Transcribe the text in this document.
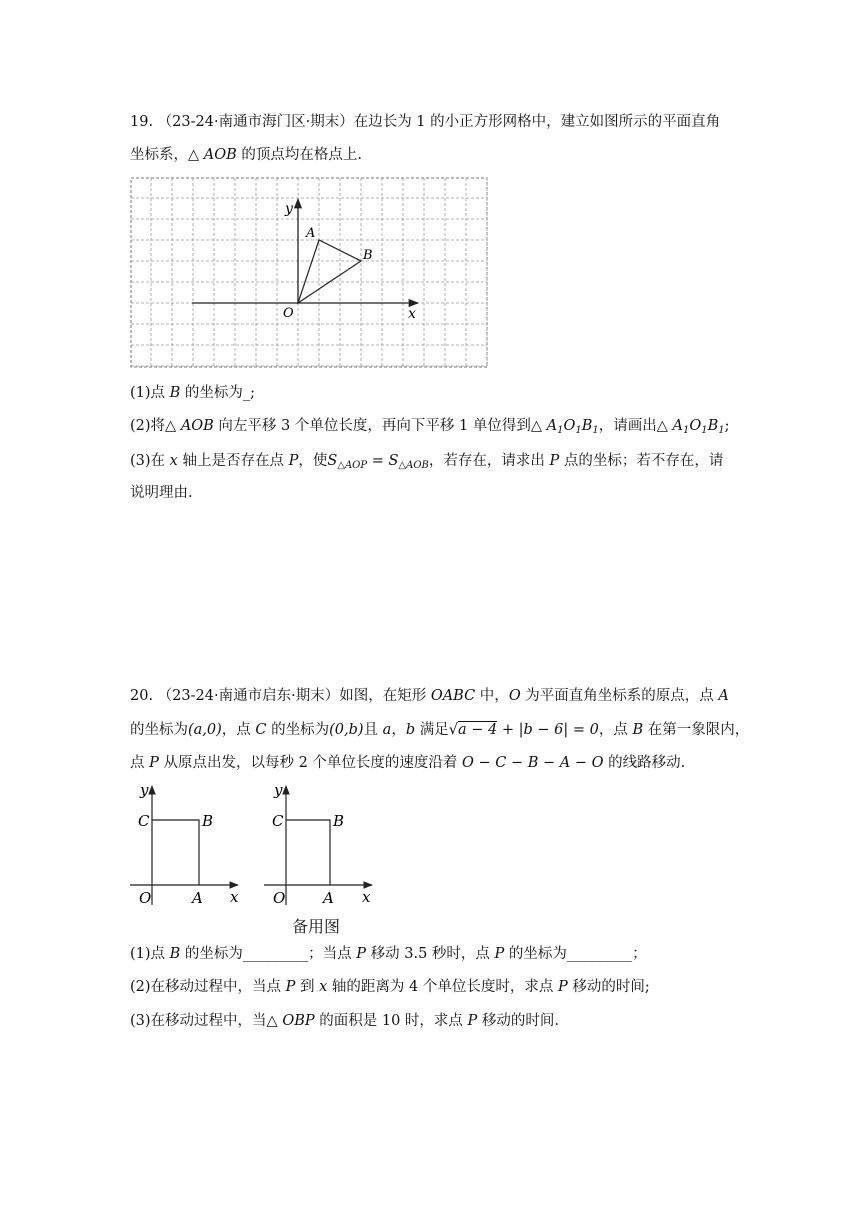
19. （23-24·南通市海门区·期末）在边长为 1 的小正方形网格中，建立如图所示的平面直角
坐标系，△ AOB 的顶点均在格点上.
y
x
O
A
B
(1)点 B 的坐标为_;
(2)将△ AOB 向左平移 3 个单位长度，再向下平移 1 单位得到△ $A_1O_1B_1$，请画出△ $A_1O_1B_1$;
(3)在 x 轴上是否存在点 P，使$S_{\triangle AOP} = S_{\triangle AOB}$，若存在，请求出 P 点的坐标；若不存在，请
说明理由.
20. （23-24·南通市启东·期末）如图，在矩形 OABC 中，O 为平面直角坐标系的原点，点 A
的坐标为(a,0)，点 C 的坐标为(0,b)且 a，b 满足√a − 4 + |b − 6| = 0，点 B 在第一象限内，
点 P 从原点出发，以每秒 2 个单位长度的速度沿着 O − C − B − A − O 的线路移动.
y
C	B
O	A x
y
C	B
O	A x
备用图
(1)点 B 的坐标为_________；当点 P 移动 3.5 秒时，点 P 的坐标为_________；
(2)在移动过程中，当点 P 到 x 轴的距离为 4 个单位长度时，求点 P 移动的时间;
(3)在移动过程中，当△ OBP 的面积是 10 时，求点 P 移动的时间.
